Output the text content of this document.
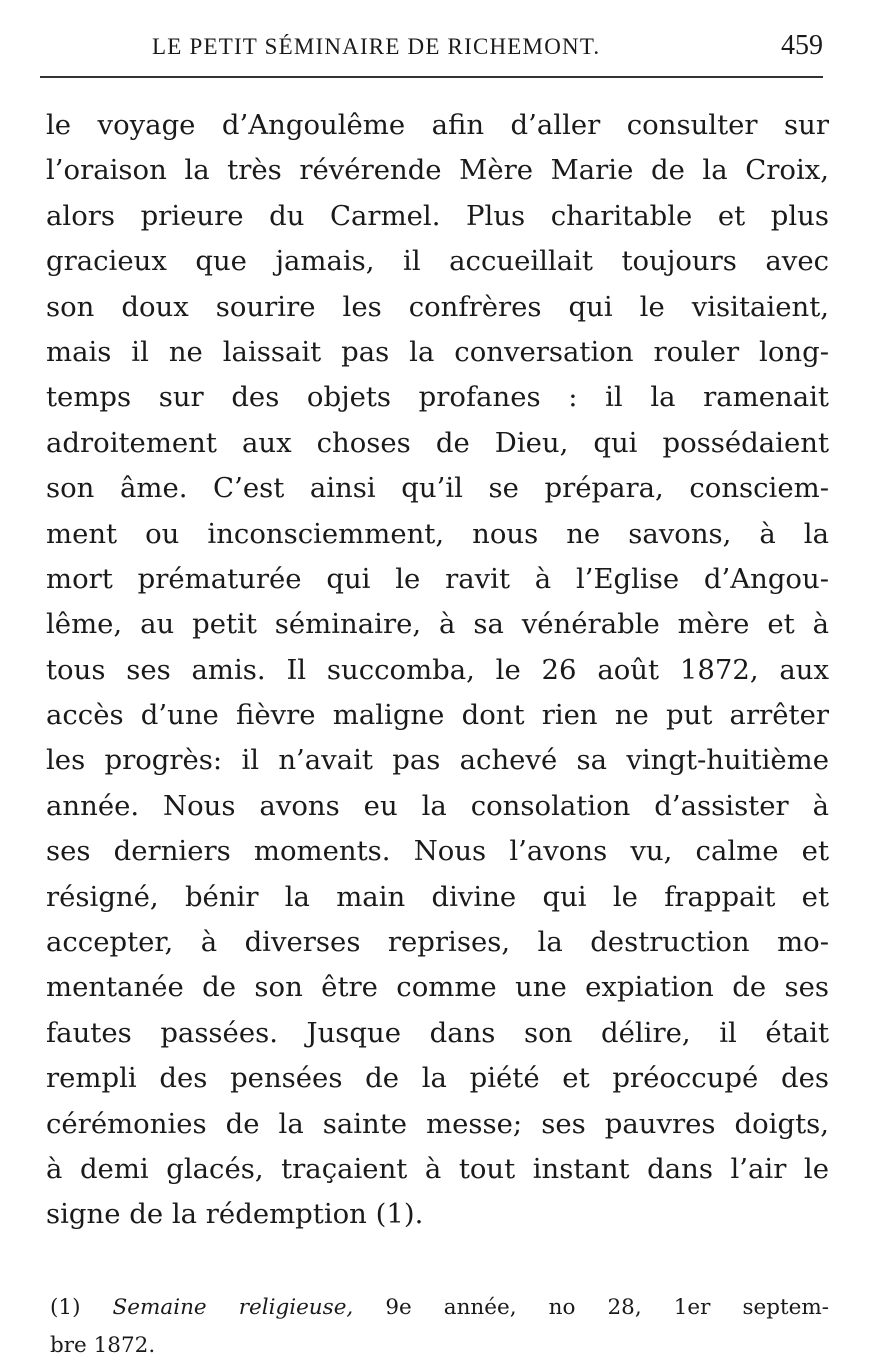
LE PETIT SÉMINAIRE DE RICHEMONT.	459
le voyage d’Angoulême afin d’aller consulter sur
l’oraison la très révérende Mère Marie de la Croix,
alors prieure du Carmel. Plus charitable et plus
gracieux que jamais, il accueillait toujours avec
son doux sourire les confrères qui le visitaient,
mais il ne laissait pas la conversation rouler long-
temps sur des objets profanes : il la ramenait
adroitement aux choses de Dieu, qui possédaient
son âme. C’est ainsi qu’il se prépara, consciem-
ment ou inconsciemment, nous ne savons, à la
mort prématurée qui le ravit à l’Eglise d’Angou-
lême, au petit séminaire, à sa vénérable mère et à
tous ses amis. Il succomba, le 26 août 1872, aux
accès d’une fièvre maligne dont rien ne put arrêter
les progrès: il n’avait pas achevé sa vingt-huitième
année. Nous avons eu la consolation d’assister à
ses derniers moments. Nous l’avons vu, calme et
résigné, bénir la main divine qui le frappait et
accepter, à diverses reprises, la destruction mo-
mentanée de son être comme une expiation de ses
fautes passées. Jusque dans son délire, il était
rempli des pensées de la piété et préoccupé des
cérémonies de la sainte messe; ses pauvres doigts,
à demi glacés, traçaient à tout instant dans l’air le
signe de la rédemption (1).
(1) Semaine religieuse, 9e année, no 28, 1er septem-
bre 1872.
